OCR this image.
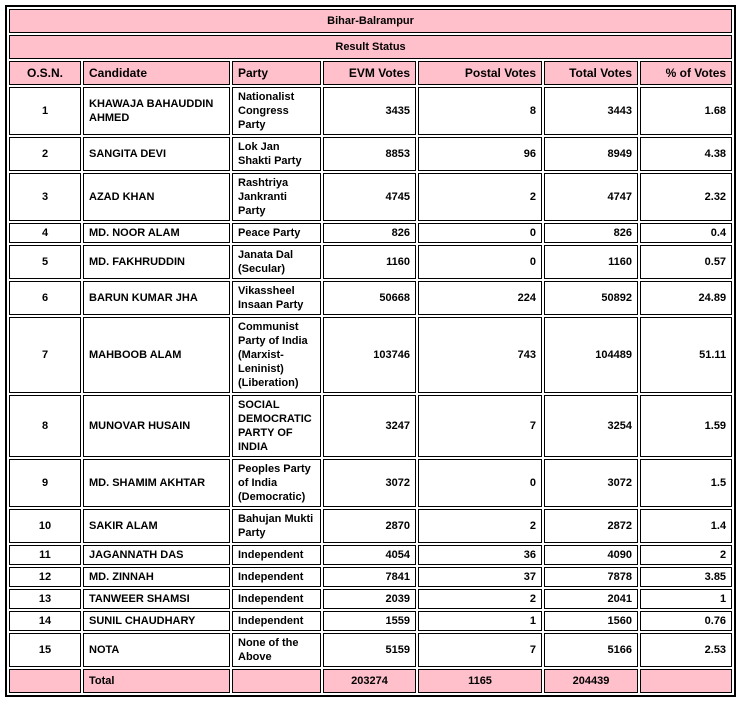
Bihar-Balrampur						
Result Status						
O.S.N.	Candidate	Party	EVM Votes	Postal Votes	Total Votes	% of Votes
1	KHAWAJA BAHAUDDIN AHMED	Nationalist Congress Party	3435	8	3443	1.68
2	SANGITA DEVI	Lok Jan Shakti Party	8853	96	8949	4.38
3	AZAD KHAN	Rashtriya Jankranti Party	4745	2	4747	2.32
4	MD. NOOR ALAM	Peace Party	826	0	826	0.4
5	MD. FAKHRUDDIN	Janata Dal (Secular)	1160	0	1160	0.57
6	BARUN KUMAR JHA	Vikassheel Insaan Party	50668	224	50892	24.89
7	MAHBOOB ALAM	Communist Party of India (Marxist-Leninist) (Liberation)	103746	743	104489	51.11
8	MUNOVAR HUSAIN	SOCIAL DEMOCRATIC PARTY OF INDIA	3247	7	3254	1.59
9	MD. SHAMIM AKHTAR	Peoples Party of India (Democratic)	3072	0	3072	1.5
10	SAKIR ALAM	Bahujan Mukti Party	2870	2	2872	1.4
11	JAGANNATH DAS	Independent	4054	36	4090	2
12	MD. ZINNAH	Independent	7841	37	7878	3.85
13	TANWEER SHAMSI	Independent	2039	2	2041	1
14	SUNIL CHAUDHARY	Independent	1559	1	1560	0.76
15	NOTA	None of the Above	5159	7	5166	2.53
	Total		203274	1165	204439	
